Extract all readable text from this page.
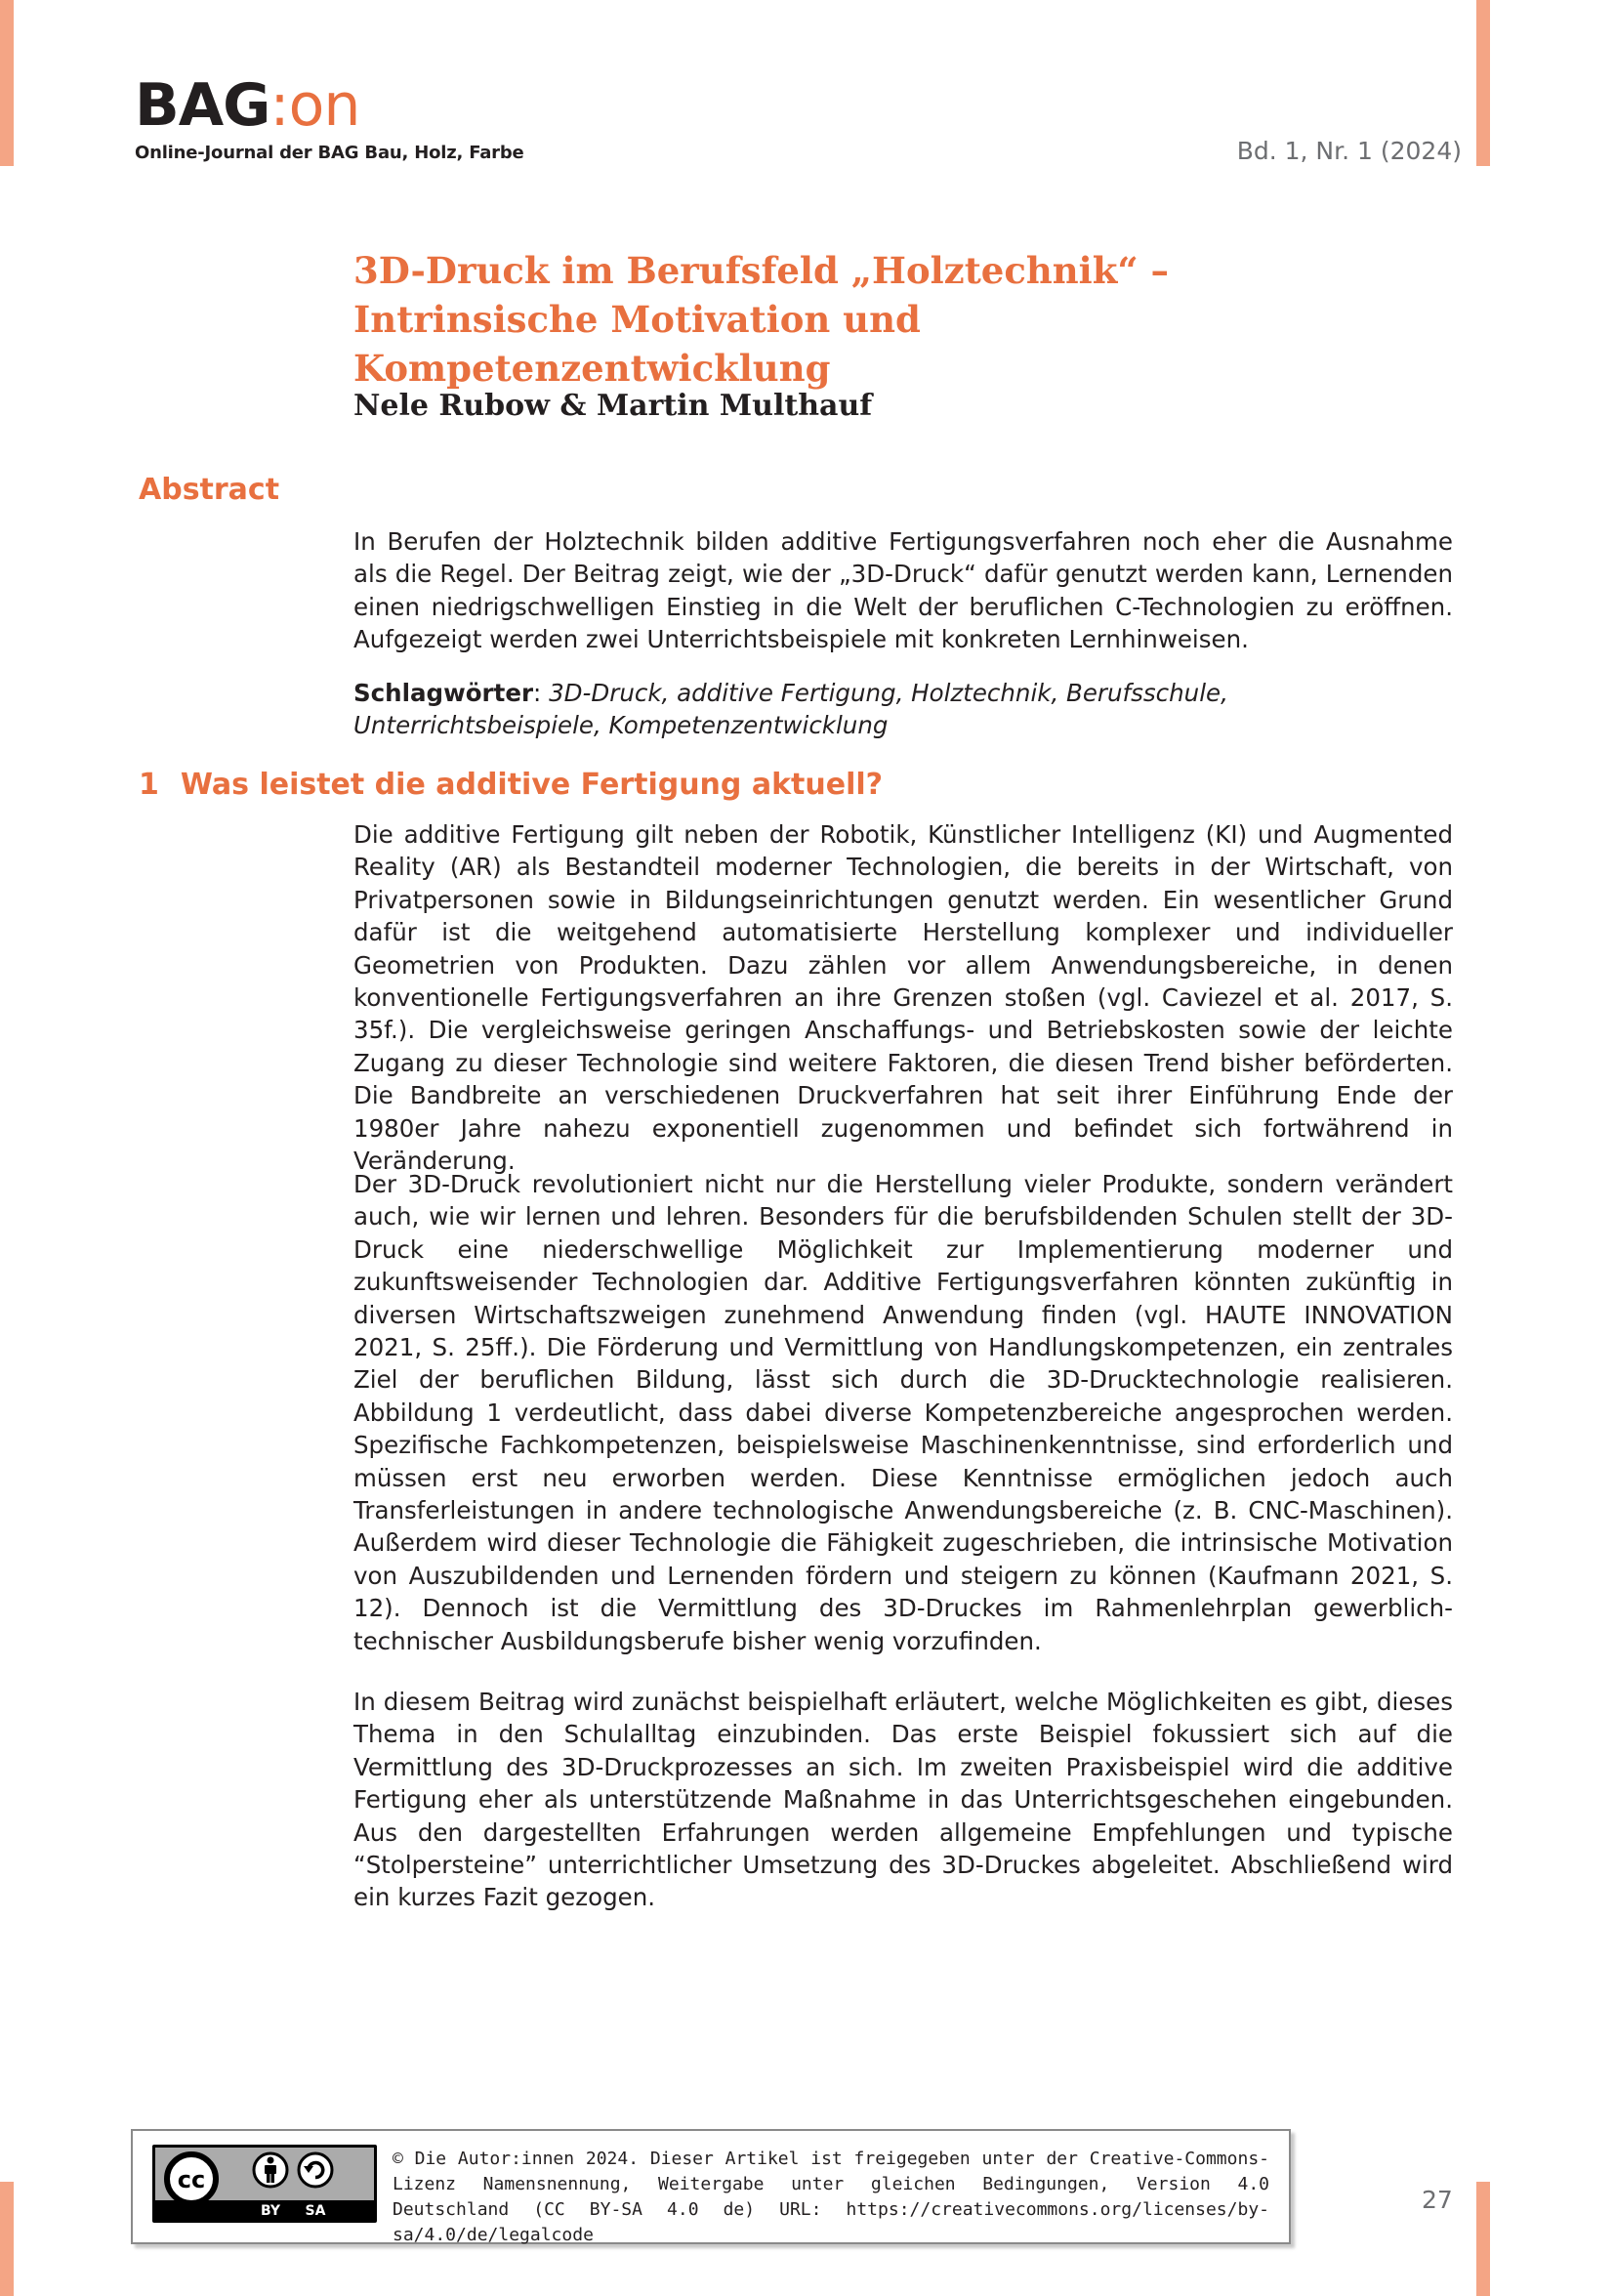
BAG:on
Online-Journal der BAG Bau, Holz, Farbe	Bd. 1, Nr. 1 (2024)
3D-Druck im Berufsfeld „Holztechnik“ – Intrinsische Motivation und Kompetenzentwicklung

Nele Rubow & Martin Multhauf

Abstract

In Berufen der Holztechnik bilden additive Fertigungsverfahren noch eher die Ausnahme als die Regel. Der Beitrag zeigt, wie der „3D-Druck“ dafür genutzt werden kann, Lernenden einen niedrigschwelligen Einstieg in die Welt der beruflichen C-Technologien zu eröffnen. Aufgezeigt werden zwei Unterrichtsbeispiele mit konkreten Lernhinweisen.

Schlagwörter: 3D-Druck, additive Fertigung, Holztechnik, Berufsschule, Unterrichtsbeispiele, Kompetenzentwicklung

1 Was leistet die additive Fertigung aktuell?

Die additive Fertigung gilt neben der Robotik, Künstlicher Intelligenz (KI) und Augmented Reality (AR) als Bestandteil moderner Technologien, die bereits in der Wirtschaft, von Privatpersonen sowie in Bildungseinrichtungen genutzt werden. Ein wesentlicher Grund dafür ist die weitgehend automatisierte Herstellung komplexer und individueller Geometrien von Produkten. Dazu zählen vor allem Anwendungsbereiche, in denen konventionelle Fertigungsverfahren an ihre Grenzen stoßen (vgl. Caviezel et al. 2017, S. 35f.). Die vergleichsweise geringen Anschaffungs- und Betriebskosten sowie der leichte Zugang zu dieser Technologie sind weitere Faktoren, die diesen Trend bisher beförderten. Die Bandbreite an verschiedenen Druckverfahren hat seit ihrer Einführung Ende der 1980er Jahre nahezu exponentiell zugenommen und befindet sich fortwährend in Veränderung.

Der 3D-Druck revolutioniert nicht nur die Herstellung vieler Produkte, sondern verändert auch, wie wir lernen und lehren. Besonders für die berufsbildenden Schulen stellt der 3D-Druck eine niederschwellige Möglichkeit zur Implementierung moderner und zukunftsweisender Technologien dar. Additive Fertigungsverfahren könnten zukünftig in diversen Wirtschaftszweigen zunehmend Anwendung finden (vgl. HAUTE INNOVATION 2021, S. 25ff.). Die Förderung und Vermittlung von Handlungskompetenzen, ein zentrales Ziel der beruflichen Bildung, lässt sich durch die 3D-Drucktechnologie realisieren. Abbildung 1 verdeutlicht, dass dabei diverse Kompetenzbereiche angesprochen werden. Spezifische Fachkompetenzen, beispielsweise Maschinenkenntnisse, sind erforderlich und müssen erst neu erworben werden. Diese Kenntnisse ermöglichen jedoch auch Transferleistungen in andere technologische Anwendungsbereiche (z. B. CNC-Maschinen). Außerdem wird dieser Technologie die Fähigkeit zugeschrieben, die intrinsische Motivation von Auszubildenden und Lernenden fördern und steigern zu können (Kaufmann 2021, S. 12). Dennoch ist die Vermittlung des 3D-Druckes im Rahmenlehrplan gewerblich-technischer Ausbildungsberufe bisher wenig vorzufinden.

In diesem Beitrag wird zunächst beispielhaft erläutert, welche Möglichkeiten es gibt, dieses Thema in den Schulalltag einzubinden. Das erste Beispiel fokussiert sich auf die Vermittlung des 3D-Druckprozesses an sich. Im zweiten Praxisbeispiel wird die additive Fertigung eher als unterstützende Maßnahme in das Unterrichtsgeschehen eingebunden. Aus den dargestellten Erfahrungen werden allgemeine Empfehlungen und typische “Stolpersteine” unterrichtlicher Umsetzung des 3D-Druckes abgeleitet. Abschließend wird ein kurzes Fazit gezogen.

cc
BY SA

© Die Autor:innen 2024. Dieser Artikel ist freigegeben unter der Creative-Commons-Lizenz Namensnennung, Weitergabe unter gleichen Bedingungen, Version 4.0 Deutschland (CC BY-SA 4.0 de) URL: https://creativecommons.org/licenses/by-sa/4.0/de/legalcode

27
